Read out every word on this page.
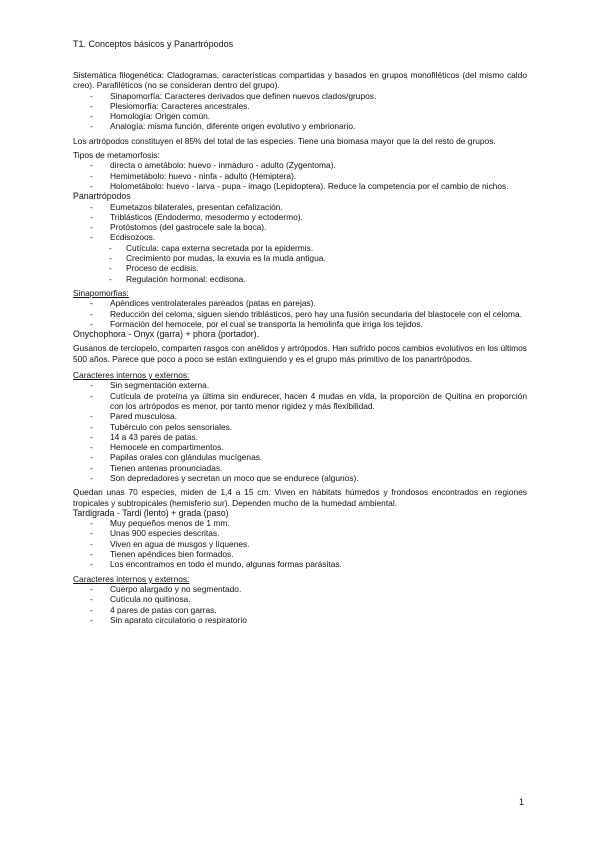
T1. Conceptos básicos y Panartrópodos

Sistemática filogenética: Cladogramas, características compartidas y basados en grupos monofiléticos (del mismo caldo creo). Parafiléticos (no se consideran dentro del grupo).

- Sinapomorfía: Caracteres derivados que definen nuevos clados/grupos.
- Plesiomorfía: Caracteres ancestrales.
- Homología: Origen común.
- Analogía: misma función, diferente origen evolutivo y embrionario.

Los artrópodos constituyen el 85% del total de las especies. Tiene una biomasa mayor que la del resto de grupos.

Tipos de metamorfosis:

- directa o ametábolo: huevo - inmaduro - adulto (Zygentoma).
- Hemimetábolo: huevo - ninfa - adulto (Hemiptera).
- Holometábolo: huevo - larva - pupa - imago (Lepidoptera). Reduce la competencia por el cambio de nichos.

Panartrópodos

- Eumetazos bilaterales, presentan cefalización.
- Triblásticos (Endodermo, mesodermo y ectodermo).
- Protóstomos (del gastrocele sale la boca).
- Ecdisozoos.
- Cutícula: capa externa secretada por la epidermis.
- Crecimiento por mudas, la exuvia es la muda antigua.
- Proceso de ecdisis.
- Regulación hormonal: ecdisona.

Sinapomorfias:

- Apéndices ventrolaterales pareados (patas en parejas).
- Reducción del celoma, siguen siendo triblásticos, pero hay una fusión secundaria del blastocele con el celoma.
- Formación del hemocele, por el cual se transporta la hemolinfa que irriga los tejidos.

Onychophora - Onyx (garra) + phora (portador).

Gusanos de terciopelo, comparten rasgos con anélidos y artrópodos. Han sufrido pocos cambios evolutivos en los últimos 500 años. Parece que poco a poco se están extinguiendo y es el grupo más primitivo de los panartrópodos.

Caracteres internos y externos:

- Sin segmentación externa.
- Cutícula de proteína ya última sin endurecer, hacen 4 mudas en vida, la proporción de Quitina en proporción con los artrópodos es menor, por tanto menor rigidez y más flexibilidad.
- Pared musculosa.
- Tubérculo con pelos sensoriales.
- 14 a 43 pares de patas.
- Hemocele en compartimentos.
- Papilas orales con glándulas mucígenas.
- Tienen antenas pronunciadas.
- Son depredadores y secretan un moco que se endurece (algunos).

Quedan unas 70 especies, miden de 1,4 a 15 cm. Viven en hábitats húmedos y frondosos encontrados en regiones tropicales y subtropicales (hemisferio sur). Dependen mucho de la humedad ambiental.

Tardigrada - Tardi (lento) + grada (paso)

- Muy pequeños menos de 1 mm.
- Unas 900 especies descritas.
- Viven en agua de musgos y líquenes.
- Tienen apéndices bien formados.
- Los encontramos en todo el mundo, algunas formas parásitas.

Caracteres internos y externos:

- Cuerpo alargado y no segmentado.
- Cutícula no quitinosa.
- 4 pares de patas con garras.
- Sin aparato circulatorio o respiratorio
1
